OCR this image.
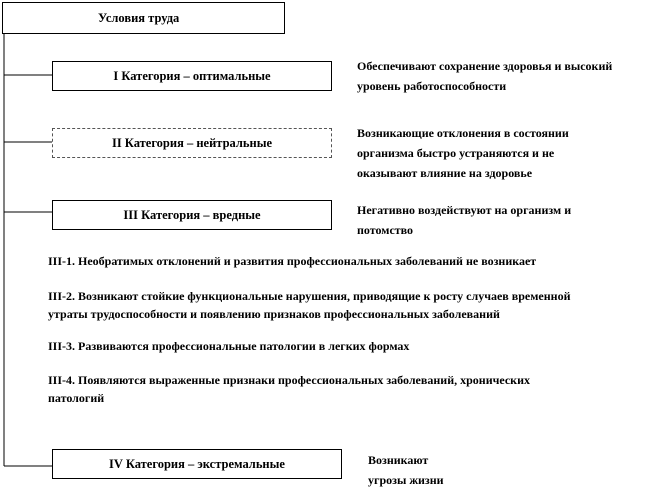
Условия труда
I Категория – оптимальные
Обеспечивают сохранение здоровья и высокий
уровень работоспособности
II Категория – нейтральные
Возникающие отклонения в состоянии
организма быстро устраняются и не
оказывают влияние на здоровье
III Категория – вредные	Негативно воздействуют на организм и
потомство
III-1. Необратимых отклонений и развития профессиональных заболеваний не возникает
III-2. Возникают стойкие функциональные нарушения, приводящие к росту случаев временной
утраты трудоспособности и появлению признаков профессиональных заболеваний
III-3. Развиваются профессиональные патологии в легких формах
III-4. Появляются выраженные признаки профессиональных заболеваний, хронических
патологий
IV Категория – экстремальные	Возникают
угрозы жизни
